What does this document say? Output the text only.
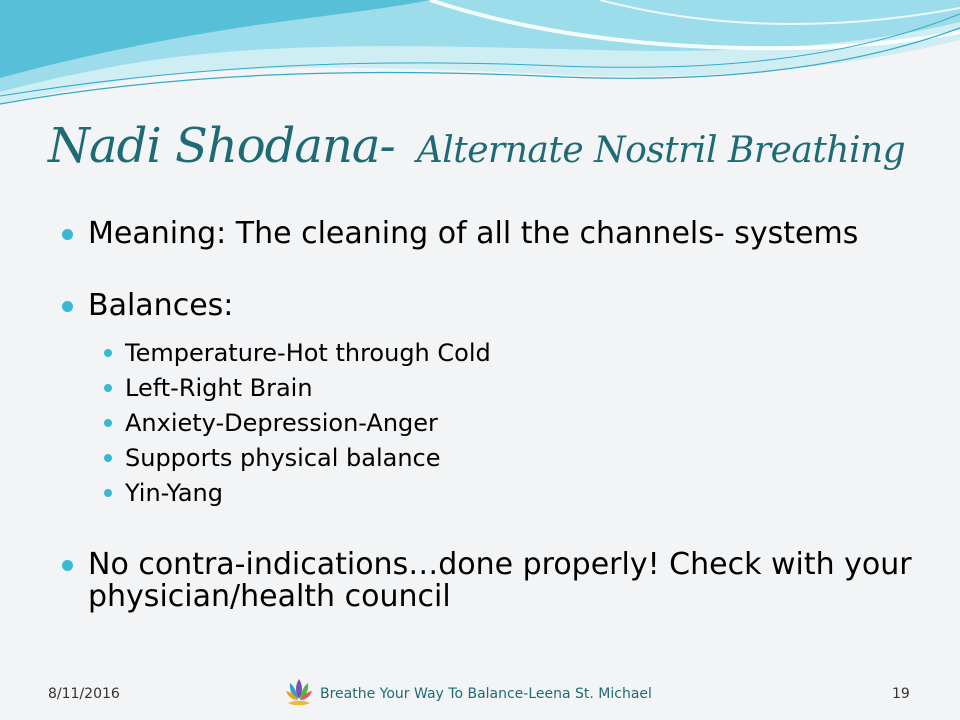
Nadi Shodana- Alternate Nostril Breathing
Meaning: The cleaning of all the channels- systems
Balances:
Temperature-Hot through Cold
Left-Right Brain
Anxiety-Depression-Anger
Supports physical balance
Yin-Yang
No contra-indications…done properly! Check with your physician/health council
8/11/2016	Breathe Your Way To Balance-Leena St. Michael	19
